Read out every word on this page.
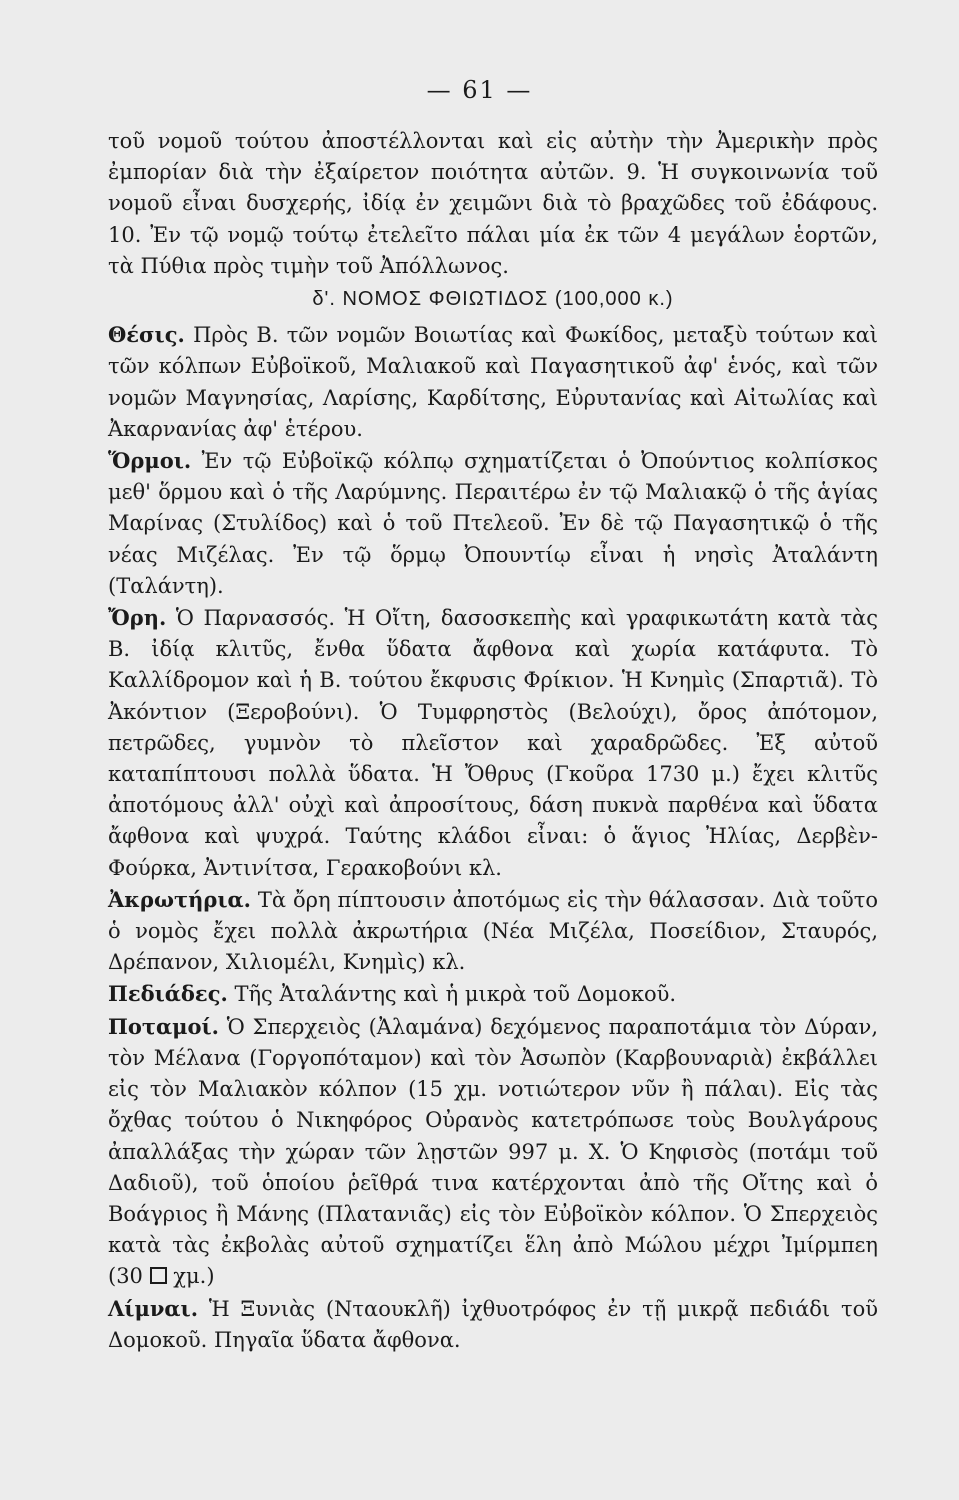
— 61 —

τοῦ νομοῦ τούτου ἀποστέλλονται καὶ εἰς αὐτὴν τὴν Ἀμερικὴν πρὸς ἐμπορίαν διὰ τὴν ἐξαίρετον ποιότητα αὐτῶν. 9. Ἡ συγκοινωνία τοῦ νομοῦ εἶναι δυσχερής, ἰδίᾳ ἐν χειμῶνι διὰ τὸ βραχῶδες τοῦ ἐδάφους. 10. Ἐν τῷ νομῷ τούτῳ ἐτελεῖτο πάλαι μία ἐκ τῶν 4 μεγάλων ἑορτῶν, τὰ Πύθια πρὸς τιμὴν τοῦ Ἀπόλλωνος.

δ'. ΝΟΜΟΣ ΦΘΙΩΤΙΔΟΣ (100,000 κ.)

Θέσις. Πρὸς Β. τῶν νομῶν Βοιωτίας καὶ Φωκίδος, μεταξὺ τούτων καὶ τῶν κόλπων Εὐβοϊκοῦ, Μαλιακοῦ καὶ Παγασητικοῦ ἀφ' ἑνός, καὶ τῶν νομῶν Μαγνησίας, Λαρίσης, Καρδίτσης, Εὐρυτανίας καὶ Αἰτωλίας καὶ Ἀκαρνανίας ἀφ' ἑτέρου.

Ὅρμοι. Ἐν τῷ Εὐβοϊκῷ κόλπῳ σχηματίζεται ὁ Ὀπούντιος κολπίσκος μεθ' ὅρμου καὶ ὁ τῆς Λαρύμνης. Περαιτέρω ἐν τῷ Μαλιακῷ ὁ τῆς ἁγίας Μαρίνας (Στυλίδος) καὶ ὁ τοῦ Πτελεοῦ. Ἐν δὲ τῷ Παγασητικῷ ὁ τῆς νέας Μιζέλας. Ἐν τῷ ὅρμῳ Ὀπουντίῳ εἶναι ἡ νησὶς Ἀταλάντη (Ταλάντη).

Ὄρη. Ὁ Παρνασσός. Ἡ Οἴτη, δασοσκεπὴς καὶ γραφικωτάτη κατὰ τὰς Β. ἰδίᾳ κλιτῦς, ἔνθα ὕδατα ἄφθονα καὶ χωρία κατάφυτα. Τὸ Καλλίδρομον καὶ ἡ Β. τούτου ἔκφυσις Φρίκιον. Ἡ Κνημὶς (Σπαρτιᾶ). Τὸ Ἀκόντιον (Ξεροβούνι). Ὁ Τυμφρηστὸς (Βελούχι), ὄρος ἀπότομον, πετρῶδες, γυμνὸν τὸ πλεῖστον καὶ χαραδρῶδες. Ἐξ αὐτοῦ καταπίπτουσι πολλὰ ὕδατα. Ἡ Ὄθρυς (Γκοῦρα 1730 μ.) ἔχει κλιτῦς ἀποτόμους ἀλλ' οὐχὶ καὶ ἀπροσίτους, δάση πυκνὰ παρθένα καὶ ὕδατα ἄφθονα καὶ ψυχρά. Ταύτης κλάδοι εἶναι: ὁ ἅγιος Ἠλίας, Δερβὲν-Φούρκα, Ἀντινίτσα, Γερακοβούνι κλ.

Ἀκρωτήρια. Τὰ ὄρη πίπτουσιν ἀποτόμως εἰς τὴν θάλασσαν. Διὰ τοῦτο ὁ νομὸς ἔχει πολλὰ ἀκρωτήρια (Νέα Μιζέλα, Ποσείδιον, Σταυρός, Δρέπανον, Χιλιομέλι, Κνημὶς) κλ.

Πεδιάδες. Τῆς Ἀταλάντης καὶ ἡ μικρὰ τοῦ Δομοκοῦ.

Ποταμοί. Ὁ Σπερχειὸς (Ἀλαμάνα) δεχόμενος παραποτάμια τὸν Δύραν, τὸν Μέλανα (Γοργοπόταμον) καὶ τὸν Ἀσωπὸν (Καρβουναριὰ) ἐκβάλλει εἰς τὸν Μαλιακὸν κόλπον (15 χμ. νοτιώτερον νῦν ἢ πάλαι). Εἰς τὰς ὄχθας τούτου ὁ Νικηφόρος Οὐρανὸς κατετρόπωσε τοὺς Βουλγάρους ἀπαλλάξας τὴν χώραν τῶν λῃστῶν 997 μ. Χ. Ὁ Κηφισὸς (ποτάμι τοῦ Δαδιοῦ), τοῦ ὁποίου ῥεῖθρά τινα κατέρχονται ἀπὸ τῆς Οἴτης καὶ ὁ Βοάγριος ἢ Μάνης (Πλατανιᾶς) εἰς τὸν Εὐβοϊκὸν κόλπον. Ὁ Σπερχειὸς κατὰ τὰς ἐκβολὰς αὐτοῦ σχηματίζει ἕλη ἀπὸ Μώλου μέχρι Ἰμίρμπεη (30  χμ.)

Λίμναι. Ἡ Ξυνιὰς (Νταουκλῆ) ἰχθυοτρόφος ἐν τῇ μικρᾷ πεδιάδι τοῦ Δομοκοῦ. Πηγαῖα ὕδατα ἄφθονα.
